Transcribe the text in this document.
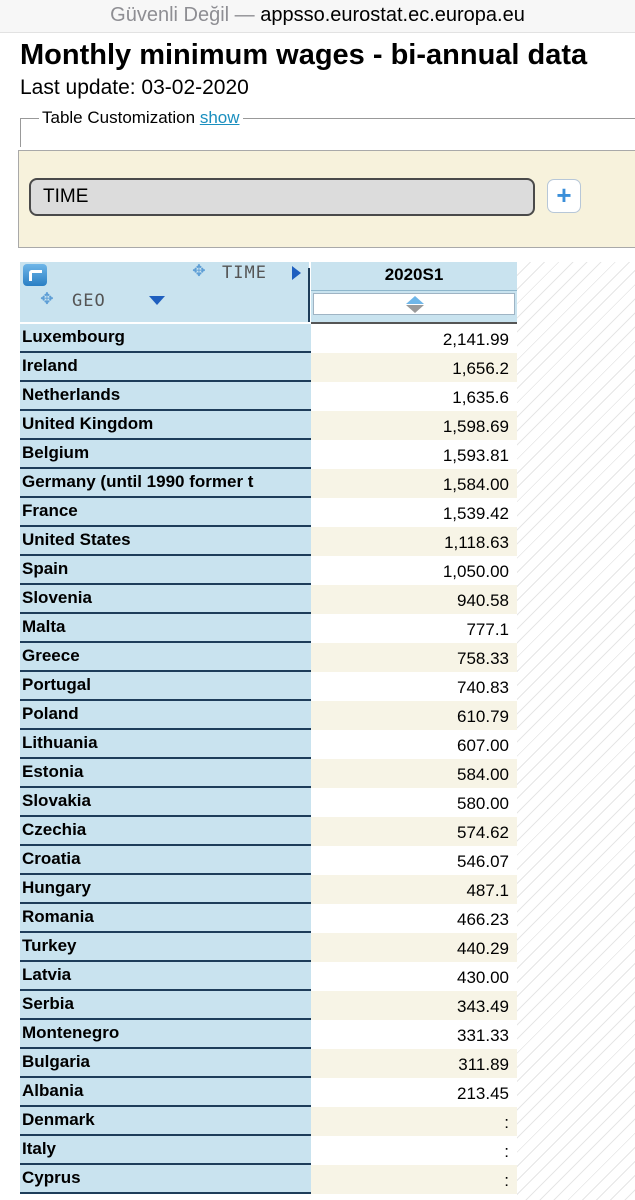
Güvenli Değil — appsso.eurostat.ec.europa.eu
Monthly minimum wages - bi-annual data
Last update: 03-02-2020
Table Customization show
TIME	+
✥ TIME
✥ GEO
2020S1
Luxembourg	2,141.99
Ireland	1,656.2
Netherlands	1,635.6
United Kingdom	1,598.69
Belgium	1,593.81
Germany (until 1990 former t	1,584.00
France	1,539.42
United States	1,118.63
Spain	1,050.00
Slovenia	940.58
Malta	777.1
Greece	758.33
Portugal	740.83
Poland	610.79
Lithuania	607.00
Estonia	584.00
Slovakia	580.00
Czechia	574.62
Croatia	546.07
Hungary	487.1
Romania	466.23
Turkey	440.29
Latvia	430.00
Serbia	343.49
Montenegro	331.33
Bulgaria	311.89
Albania	213.45
Denmark	:
Italy	:
Cyprus	:
